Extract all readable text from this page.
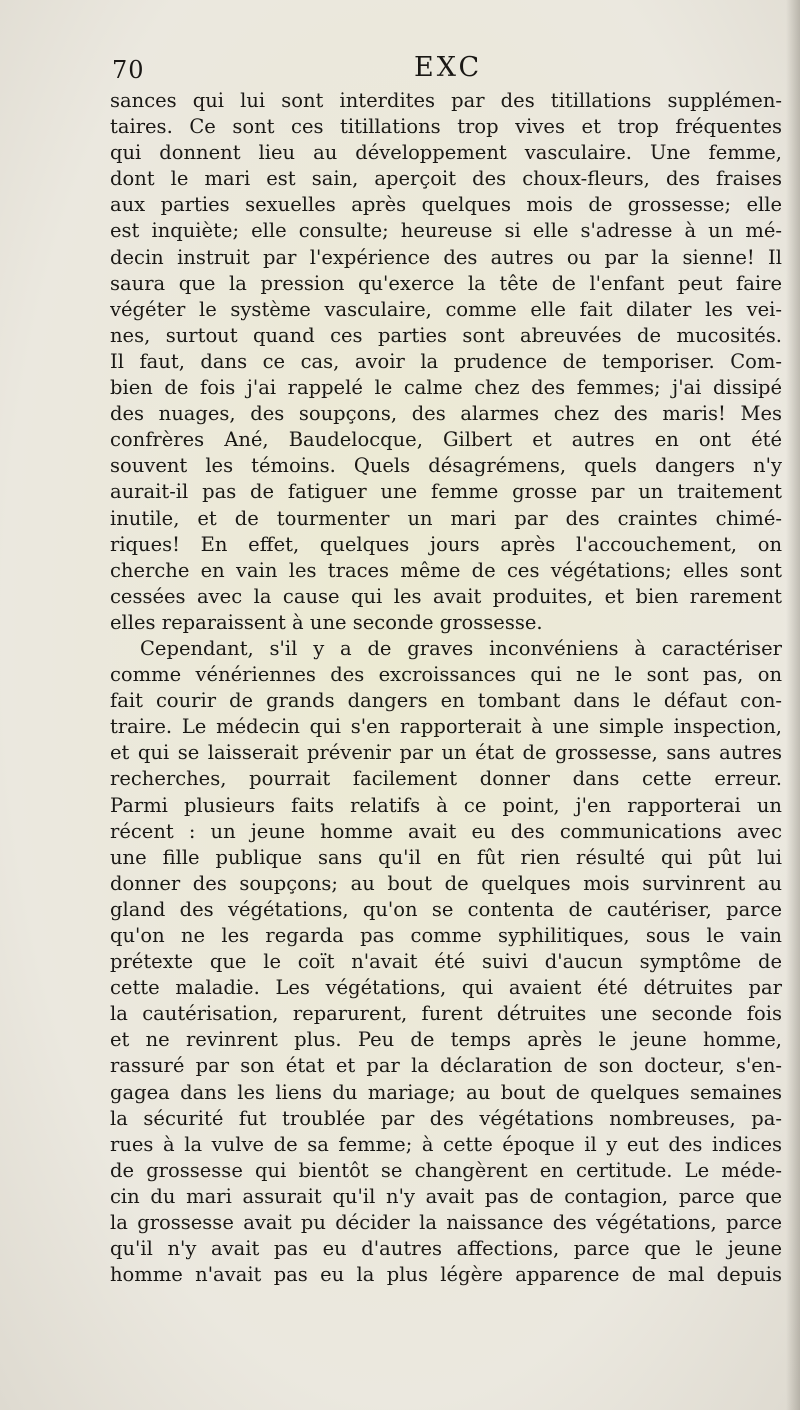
70	EXC
sances qui lui sont interdites par des titillations supplémen-
taires. Ce sont ces titillations trop vives et trop fréquentes
qui donnent lieu au développement vasculaire. Une femme,
dont le mari est sain, aperçoit des choux-fleurs, des fraises
aux parties sexuelles après quelques mois de grossesse; elle
est inquiète; elle consulte; heureuse si elle s'adresse à un mé-
decin instruit par l'expérience des autres ou par la sienne! Il
saura que la pression qu'exerce la tête de l'enfant peut faire
végéter le système vasculaire, comme elle fait dilater les vei-
nes, surtout quand ces parties sont abreuvées de mucosités.
Il faut, dans ce cas, avoir la prudence de temporiser. Com-
bien de fois j'ai rappelé le calme chez des femmes; j'ai dissipé
des nuages, des soupçons, des alarmes chez des maris! Mes
confrères Ané, Baudelocque, Gilbert et autres en ont été
souvent les témoins. Quels désagrémens, quels dangers n'y
aurait-il pas de fatiguer une femme grosse par un traitement
inutile, et de tourmenter un mari par des craintes chimé-
riques! En effet, quelques jours après l'accouchement, on
cherche en vain les traces même de ces végétations; elles sont
cessées avec la cause qui les avait produites, et bien rarement
elles reparaissent à une seconde grossesse.
Cependant, s'il y a de graves inconvéniens à caractériser
comme vénériennes des excroissances qui ne le sont pas, on
fait courir de grands dangers en tombant dans le défaut con-
traire. Le médecin qui s'en rapporterait à une simple inspection,
et qui se laisserait prévenir par un état de grossesse, sans autres
recherches, pourrait facilement donner dans cette erreur.
Parmi plusieurs faits relatifs à ce point, j'en rapporterai un
récent : un jeune homme avait eu des communications avec
une fille publique sans qu'il en fût rien résulté qui pût lui
donner des soupçons; au bout de quelques mois survinrent au
gland des végétations, qu'on se contenta de cautériser, parce
qu'on ne les regarda pas comme syphilitiques, sous le vain
prétexte que le coït n'avait été suivi d'aucun symptôme de
cette maladie. Les végétations, qui avaient été détruites par
la cautérisation, reparurent, furent détruites une seconde fois
et ne revinrent plus. Peu de temps après le jeune homme,
rassuré par son état et par la déclaration de son docteur, s'en-
gagea dans les liens du mariage; au bout de quelques semaines
la sécurité fut troublée par des végétations nombreuses, pa-
rues à la vulve de sa femme; à cette époque il y eut des indices
de grossesse qui bientôt se changèrent en certitude. Le méde-
cin du mari assurait qu'il n'y avait pas de contagion, parce que
la grossesse avait pu décider la naissance des végétations, parce
qu'il n'y avait pas eu d'autres affections, parce que le jeune
homme n'avait pas eu la plus légère apparence de mal depuis
